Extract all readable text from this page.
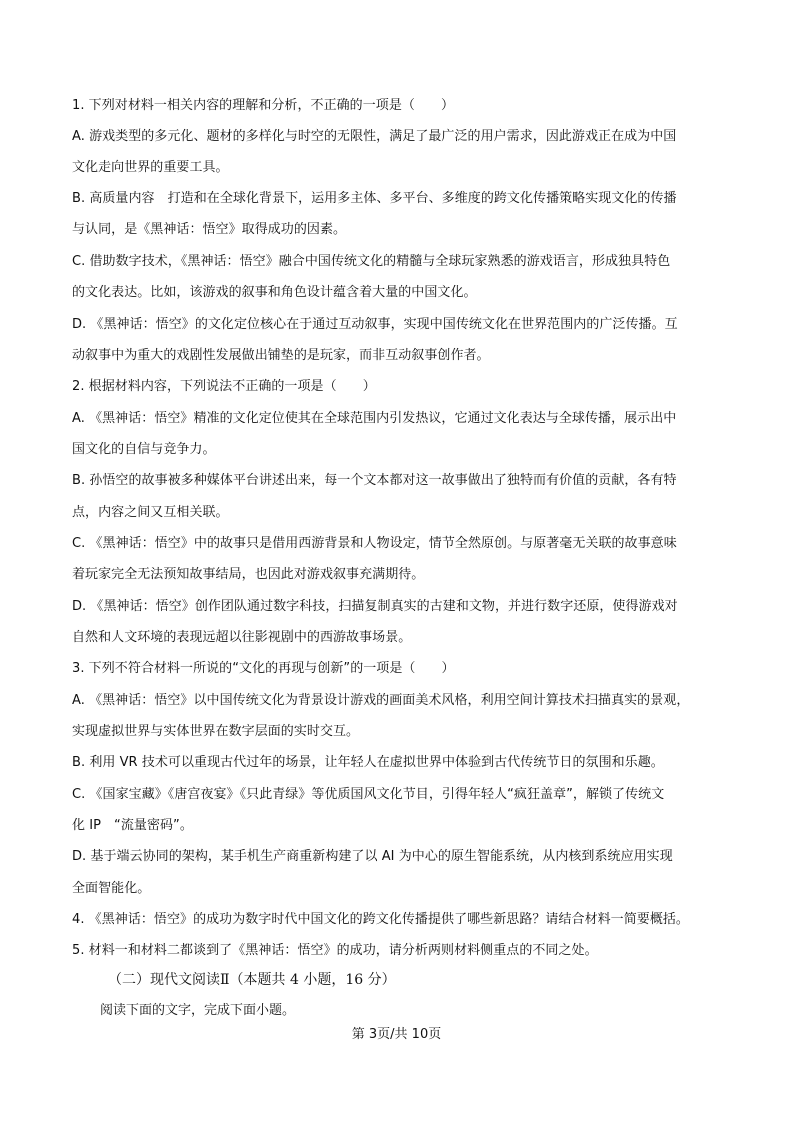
1. 下列对材料一相关内容的理解和分析，不正确的一项是（　　）
A. 游戏类型的多元化、题材的多样化与时空的无限性，满足了最广泛的用户需求，因此游戏正在成为中国
文化走向世界的重要工具。
B. 高质量内容　打造和在全球化背景下，运用多主体、多平台、多维度的跨文化传播策略实现文化的传播
与认同，是《黑神话：悟空》取得成功的因素。
C. 借助数字技术，《黑神话：悟空》融合中国传统文化的精髓与全球玩家熟悉的游戏语言，形成独具特色
的文化表达。比如，该游戏的叙事和角色设计蕴含着大量的中国文化。
D. 《黑神话：悟空》的文化定位核心在于通过互动叙事，实现中国传统文化在世界范围内的广泛传播。互
动叙事中为重大的戏剧性发展做出铺垫的是玩家，而非互动叙事创作者。
2. 根据材料内容，下列说法不正确的一项是（　　）
A. 《黑神话：悟空》精准的文化定位使其在全球范围内引发热议，它通过文化表达与全球传播，展示出中
国文化的自信与竞争力。
B. 孙悟空的故事被多种媒体平台讲述出来，每一个文本都对这一故事做出了独特而有价值的贡献，各有特
点，内容之间又互相关联。
C. 《黑神话：悟空》中的故事只是借用西游背景和人物设定，情节全然原创。与原著毫无关联的故事意味
着玩家完全无法预知故事结局，也因此对游戏叙事充满期待。
D. 《黑神话：悟空》创作团队通过数字科技，扫描复制真实的古建和文物，并进行数字还原，使得游戏对
自然和人文环境的表现远超以往影视剧中的西游故事场景。
3. 下列不符合材料一所说的“文化的再现与创新”的一项是（　　）
A. 《黑神话：悟空》以中国传统文化为背景设计游戏的画面美术风格，利用空间计算技术扫描真实的景观，
实现虚拟世界与实体世界在数字层面的实时交互。
B. 利用 VR 技术可以重现古代过年的场景，让年轻人在虚拟世界中体验到古代传统节日的氛围和乐趣。
C. 《国家宝藏》《唐宫夜宴》《只此青绿》等优质国风文化节目，引得年轻人“疯狂盖章”，解锁了传统文
化 IP　“流量密码”。
D. 基于端云协同的架构，某手机生产商重新构建了以 AI 为中心的原生智能系统，从内核到系统应用实现
全面智能化。
4. 《黑神话：悟空》的成功为数字时代中国文化的跨文化传播提供了哪些新思路？请结合材料一简要概括。
5. 材料一和材料二都谈到了《黑神话：悟空》的成功，请分析两则材料侧重点的不同之处。
（二）现代文阅读Ⅱ（本题共 4 小题，16 分）
阅读下面的文字，完成下面小题。
第 3页/共 10页
